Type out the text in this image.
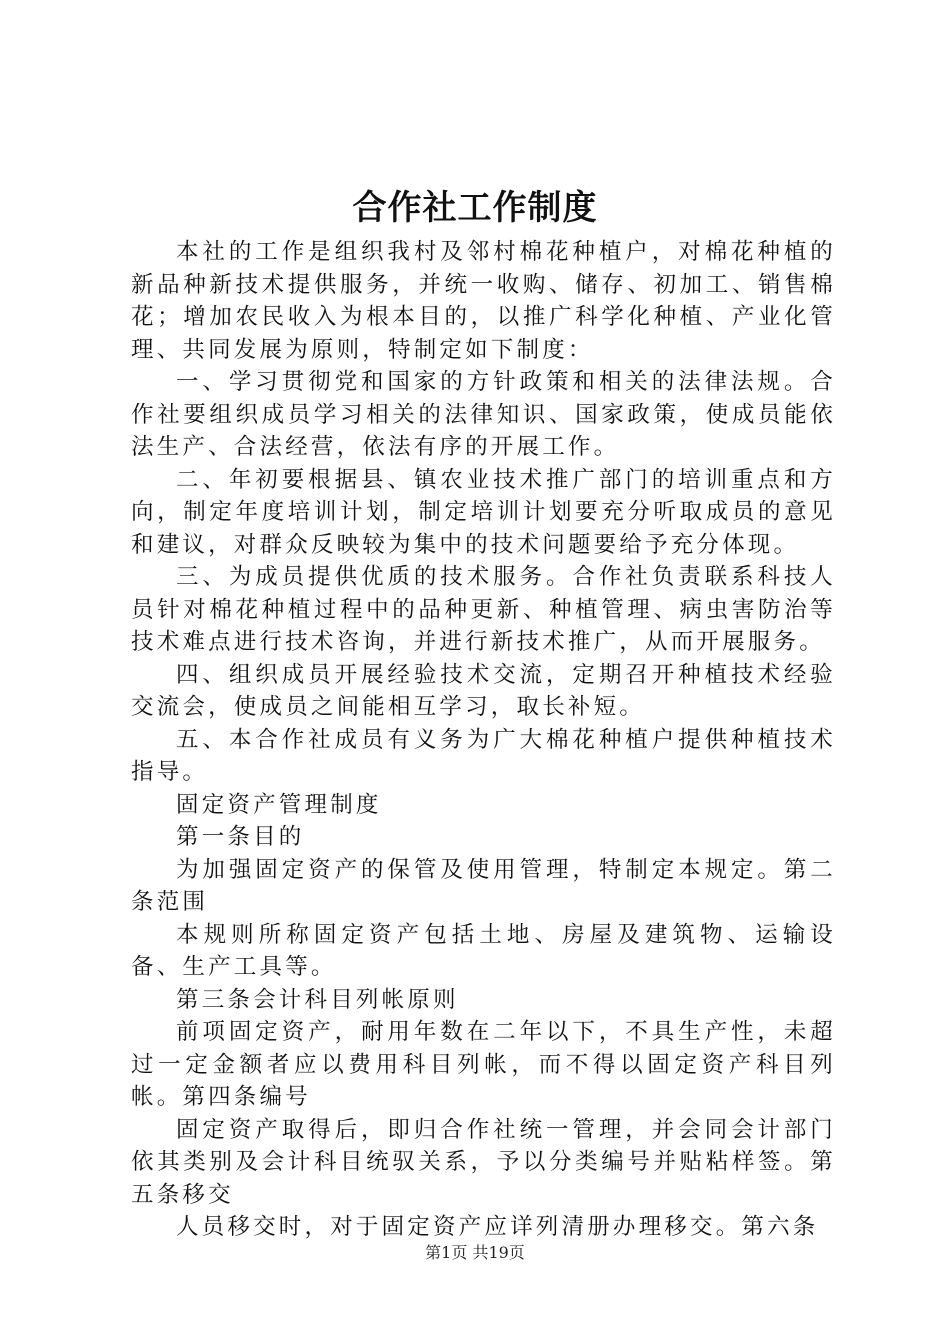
合作社工作制度

本社的工作是组织我村及邻村棉花种植户，对棉花种植的新品种新技术提供服务，并统一收购、储存、初加工、销售棉花；增加农民收入为根本目的，以推广科学化种植、产业化管理、共同发展为原则，特制定如下制度：

一、学习贯彻党和国家的方针政策和相关的法律法规。合作社要组织成员学习相关的法律知识、国家政策，使成员能依法生产、合法经营，依法有序的开展工作。

二、年初要根据县、镇农业技术推广部门的培训重点和方向，制定年度培训计划，制定培训计划要充分听取成员的意见和建议，对群众反映较为集中的技术问题要给予充分体现。

三、为成员提供优质的技术服务。合作社负责联系科技人员针对棉花种植过程中的品种更新、种植管理、病虫害防治等技术难点进行技术咨询，并进行新技术推广，从而开展服务。

四、组织成员开展经验技术交流，定期召开种植技术经验交流会，使成员之间能相互学习，取长补短。

五、本合作社成员有义务为广大棉花种植户提供种植技术指导。

固定资产管理制度

第一条目的

为加强固定资产的保管及使用管理，特制定本规定。第二条范围

本规则所称固定资产包括土地、房屋及建筑物、运输设备、生产工具等。

第三条会计科目列帐原则

前项固定资产，耐用年数在二年以下，不具生产性，未超过一定金额者应以费用科目列帐，而不得以固定资产科目列帐。第四条编号

固定资产取得后，即归合作社统一管理，并会同会计部门依其类别及会计科目统驭关系，予以分类编号并贴粘样签。第五条移交

人员移交时，对于固定资产应详列清册办理移交。第六条

第1页 共19页
